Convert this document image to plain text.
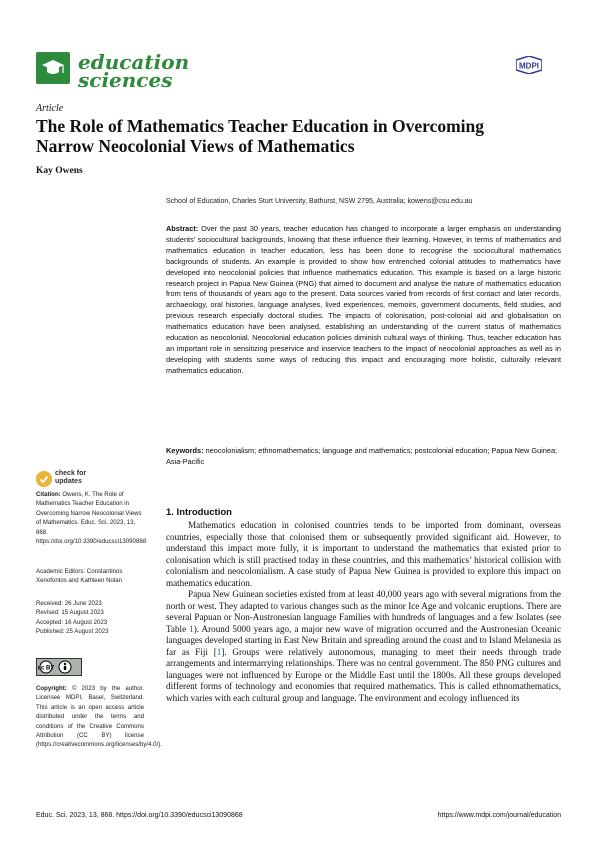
education
sciences
MDPI
Article
The Role of Mathematics Teacher Education in Overcoming Narrow Neocolonial Views of Mathematics
Kay Owens
School of Education, Charles Sturt University, Bathurst, NSW 2795, Australia; kowens@csu.edu.au
Abstract: Over the past 30 years, teacher education has changed to incorporate a larger emphasis on understanding students’ sociocultural backgrounds, knowing that these influence their learning. However, in terms of mathematics and mathematics education in teacher education, less has been done to recognise the sociocultural mathematics backgrounds of students. An example is provided to show how entrenched colonial attitudes to mathematics have developed into neocolonial policies that influence mathematics education. This example is based on a large historic research project in Papua New Guinea (PNG) that aimed to document and analyse the nature of mathematics education from tens of thousands of years ago to the present. Data sources varied from records of first contact and later records, archaeology, oral histories, language analyses, lived experiences, memoirs, government documents, field studies, and previous research especially doctoral studies. The impacts of colonisation, post-colonial aid and globalisation on mathematics education have been analysed, establishing an understanding of the current status of mathematics education as neocolonial. Neocolonial education policies diminish cultural ways of thinking. Thus, teacher education has an important role in sensitizing preservice and inservice teachers to the impact of neocolonial approaches as well as in developing with students some ways of reducing this impact and encouraging more holistic, culturally relevant mathematics education.
Keywords: neocolonialism; ethnomathematics; language and mathematics; postcolonial education; Papua New Guinea; Asia-Pacific
1. Introduction

Mathematics education in colonised countries tends to be imported from dominant, overseas countries, especially those that colonised them or subsequently provided significant aid. However, to understand this impact more fully, it is important to understand the mathematics that existed prior to colonisation which is still practised today in these countries, and this mathematics’ historical collision with colonialism and neocolonialism. A case study of Papua New Guinea is provided to explore this impact on mathematics education.

Papua New Guinean societies existed from at least 40,000 years ago with several migrations from the north or west. They adapted to various changes such as the minor Ice Age and volcanic eruptions. There are several Papuan or Non-Austronesian language Families with hundreds of languages and a few Isolates (see Table 1). Around 5000 years ago, a major new wave of migration occurred and the Austronesian Oceanic languages developed starting in East New Britain and spreading around the coast and to Island Melanesia as far as Fiji [1]. Groups were relatively autonomous, managing to meet their needs through trade arrangements and intermarrying relationships. There was no central government. The 850 PNG cultures and languages were not influenced by Europe or the Middle East until the 1800s. All these groups developed different forms of technology and economies that required mathematics. This is called ethnomathematics, which varies with each cultural group and language. The environment and ecology influenced its

check for
updates
Citation: Owens, K. The Role of Mathematics Teacher Education in Overcoming Narrow Neocolonial Views of Mathematics. Educ. Sci. 2023, 13, 868. https://doi.org/10.3390/educsci13090868
Academic Editors: Constantinos Xenofontos and Kathleen Nolan
Received: 26 June 2023
Revised: 15 August 2023
Accepted: 16 August 2023
Published: 25 August 2023
cc BY
Copyright: © 2023 by the author. Licensee MDPI, Basel, Switzerland. This article is an open access article distributed under the terms and conditions of the Creative Commons Attribution (CC BY) license (https://creativecommons.org/licenses/by/4.0/).
Educ. Sci. 2023, 13, 868. https://doi.org/10.3390/educsci13090868	https://www.mdpi.com/journal/education
